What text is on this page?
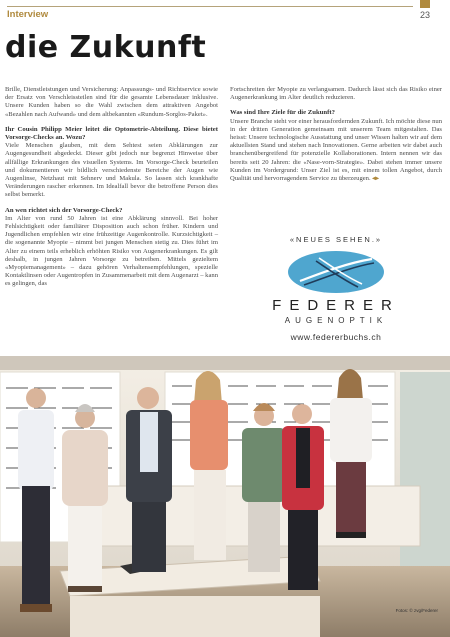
Interview	23
die Zukunft

Brille, Dienstleistungen und Versicherung: Anpassungs- und Richtservice sowie der Ersatz von Verschleissteilen sind für die gesamte Lebensdauer inklusive. Unsere Kunden haben so die Wahl zwischen dem attraktiven Angebot «Bezahlen nach Aufwand» und dem altbekannten «Rundum-Sorglos-Paket».

Ihr Cousin Philipp Meier leitet die Optometrie-Abteilung. Diese bietet Vorsorge-Checks an. Wozu?

Viele Menschen glauben, mit dem Sehtest seien Abklärungen zur Augengesundheit abgedeckt. Dieser gibt jedoch nur begrenzt Hinweise über allfällige Erkrankungen des visuellen Systems. Im Vorsorge-Check beurteilen und dokumentieren wir bildlich verschiedenste Bereiche der Augen wie Augenlinse, Netzhaut mit Sehnerv und Makula. So lassen sich krankhafte Veränderungen rascher erkennen. Im Idealfall bevor die betroffene Person dies selbst bemerkt.

An wen richtet sich der Vorsorge-Check?

Im Alter von rund 50 Jahren ist eine Abklärung sinnvoll. Bei hoher Fehlsichtigkeit oder familiärer Disposition auch schon früher. Kindern und Jugendlichen empfehlen wir eine frühzeitige Augenkontrolle. Kurzsichtigkeit – die sogenannte Myopie – nimmt bei jungen Menschen stetig zu. Dies führt im Alter zu einem teils erheblich erhöhten Risiko von Augenerkrankungen. Es gilt deshalb, in jungen Jahren Vorsorge zu betreiben. Mittels gezieltem «Myopiemanagement» – dazu gehören Verhaltensempfehlungen, spezielle Kontaktlinsen oder Augentropfen in Zusammenarbeit mit dem Augenarzt – kann es gelingen, das

Fortschreiten der Myopie zu verlangsamen. Dadurch lässt sich das Risiko einer Augenerkrankung im Alter deutlich reduzieren.

Was sind Ihre Ziele für die Zukunft?

Unsere Branche steht vor einer herausfordernden Zukunft. Ich möchte diese nun in der dritten Generation gemeinsam mit unserem Team mitgestalten. Das heisst: Unsere technologische Ausstattung und unser Wissen halten wir auf dem aktuellsten Stand und stehen nach Innovationen. Gerne arbeiten wir dabei auch branchenübergreifend für potenzielle Kollaborationen. Intern nennen wir das bereits seit 20 Jahren: die «Nase-vorn-Strategie». Dabei stehen immer unsere Kunden im Vordergrund: Unser Ziel ist es, mit einem tollen Angebot, durch Qualität und hervorragendem Service zu überzeugen. ◂▸

«NEUES SEHEN.»
FEDERER
AUGENOPTIK
www.federerbuchs.ch
Fotos: © zvg/Federer
